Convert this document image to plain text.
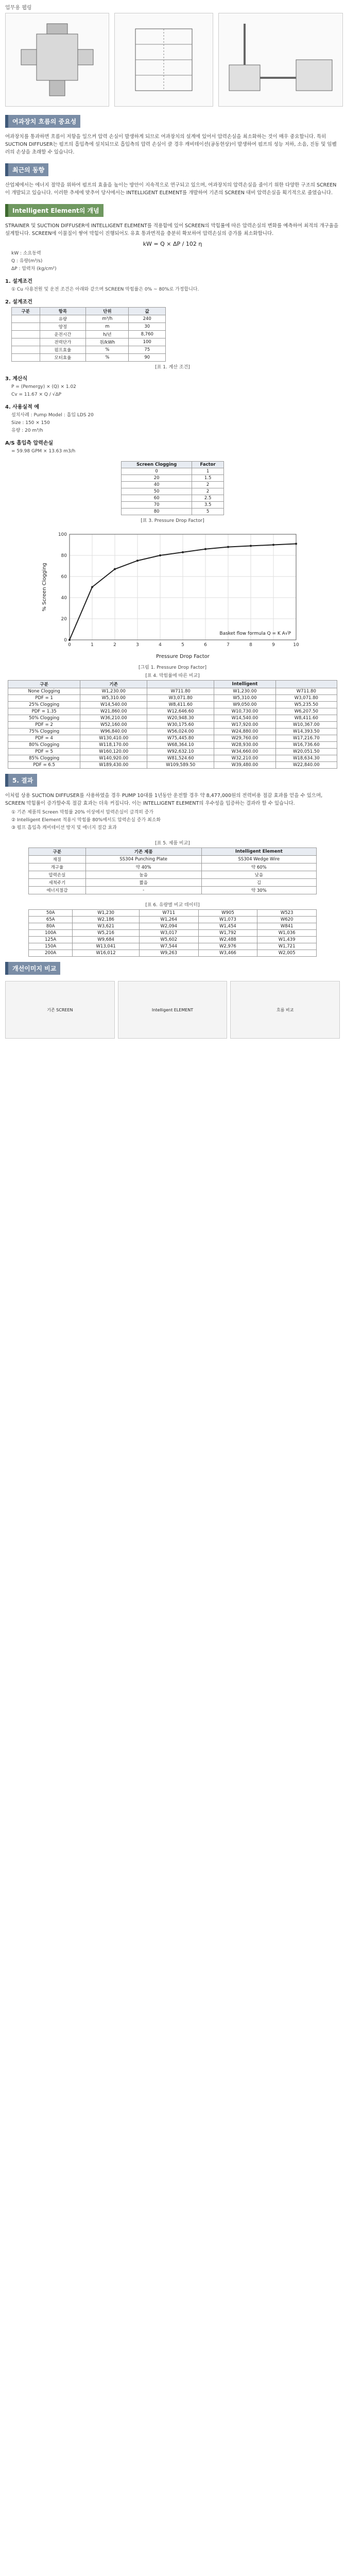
업무용 웹링
여과장치 흐름의 중요성

여과장치를 통과하면 흐름이 저항을 일으켜 압력 손실이 발생하게 되므로 여과장치의 설계에 있어서 압력손실을 최소화하는 것이 매우 중요합니다. 특히 SUCTION DIFFUSER는 펌프의 흡입측에 설치되므로 흡입측의 압력 손실이 클 경우 캐비테이션(공동현상)이 발생하여 펌프의 성능 저하, 소음, 진동 및 임펠러의 손상을 초래할 수 있습니다.

최근의 동향

산업체에서는 에너지 절약을 위하여 펌프의 효율을 높이는 방안이 지속적으로 연구되고 있으며, 여과장치의 압력손실을 줄이기 위한 다양한 구조의 SCREEN이 개발되고 있습니다. 이러한 추세에 맞추어 당사에서는 INTELLIGENT ELEMENT를 개발하여 기존의 SCREEN 대비 압력손실을 획기적으로 줄였습니다.

Intelligent Element의 개념

STRAINER 및 SUCTION DIFFUSER에 INTELLIGENT ELEMENT를 적용함에 있어 SCREEN의 막힘률에 따른 압력손실의 변화를 예측하여 최적의 개구율을 설계합니다. SCREEN에 이물질이 쌓여 막힘이 진행되어도 유효 통과면적을 충분히 확보하여 압력손실의 증가를 최소화합니다.

kW = Q × ΔP / 102 η
kW : 소요동력
Q : 유량(m³/s)
ΔP : 압력차 (kg/cm²)
1. 설계조건
① Cu 사용전원 및 운전 조건은 아래와 같으며 SCREEN 막힘률은 0% ~ 80%로 가정합니다.
2. 설계조건
구분	항목	단위	값
	유량	m³/h	240
	양정	m	30
	운전시간	h/년	8,760
	전력단가	원/kWh	100
	펌프효율	%	75
	모터효율	%	90
[표 1. 계산 조건]
3. 계산식
P = (Pemergy) × (Q) × 1.02
Cv = 11.67 × Q / √ΔP
4. 사용실적 예
설치사례 : Pump Model : 흡입 LDS 20
Size : 150 × 150
유량 : 20 m³/h
A/S 흡입측 압력손실
= 59.98 GPM × 13.63 m3/h
Screen Clogging	Factor
0	1
20	1.5
40	2
50	2
60	2.5
70	3.5
80	5
[표 3. Pressure Drop Factor]
0	1	2	3	4	5	6	7	8	9	10
0
20
40
60
80
100
Pressure Drop Factor
% Screen Clogging
Basket flow formula Q = K A√P
[그림 1. Pressure Drop Factor]
[표 4. 막힘률에 따른 비교]
구분	기존		Intelligent	
None Clogging	W1,230.00	W711.80	W1,230.00	W711.80
PDF = 1	W5,310.00	W3,071.80	W5,310.00	W3,071.80
25% Clogging	W14,540.00	W8,411.60	W9,050.00	W5,235.50
PDF = 1.35	W21,860.00	W12,646.60	W10,730.00	W6,207.50
50% Clogging	W36,210.00	W20,948.30	W14,540.00	W8,411.60
PDF = 2	W52,160.00	W30,175.60	W17,920.00	W10,367.00
75% Clogging	W96,840.00	W56,024.00	W24,880.00	W14,393.50
PDF = 4	W130,410.00	W75,445.80	W29,760.00	W17,216.70
80% Clogging	W118,170.00	W68,364.10	W28,930.00	W16,736.60
PDF = 5	W160,120.00	W92,632.10	W34,660.00	W20,051.50
85% Clogging	W140,920.00	W81,524.60	W32,210.00	W18,634.30
PDF = 6.5	W189,430.00	W109,589.50	W39,480.00	W22,840.00
5. 결과

이처럼 상용 SUCTION DIFFUSER를 사용하였을 경우 PUMP 10대를 1년동안 운전할 경우 약 8,477,000원의 전력비용 절감 효과를 얻을 수 있으며, SCREEN 막힘률이 증가할수록 절감 효과는 더욱 커집니다. 이는 INTELLIGENT ELEMENT의 우수성을 입증하는 결과라 할 수 있습니다.

① 기존 제품의 Screen 막힘률 20% 이상에서 압력손실이 급격히 증가
② Intelligent Element 적용시 막힘률 80%에서도 압력손실 증가 최소화
③ 펌프 흡입측 캐비테이션 방지 및 에너지 절감 효과
[표 5. 제품 비교]
구분	기존 제품	Intelligent Element
재질	SS304 Punching Plate	SS304 Wedge Wire
개구율	약 40%	약 60%
압력손실	높음	낮음
세척주기	짧음	김
에너지절감	-	약 30%
[표 6. 유량별 비교 데이터]
50A	W1,230	W711	W905	W523
65A	W2,186	W1,264	W1,073	W620
80A	W3,621	W2,094	W1,454	W841
100A	W5,216	W3,017	W1,792	W1,036
125A	W9,684	W5,602	W2,488	W1,439
150A	W13,041	W7,544	W2,976	W1,721
200A	W16,012	W9,263	W3,466	W2,005
개선이미지 비교
기존 SCREEN	Intelligent ELEMENT	흐름 비교
